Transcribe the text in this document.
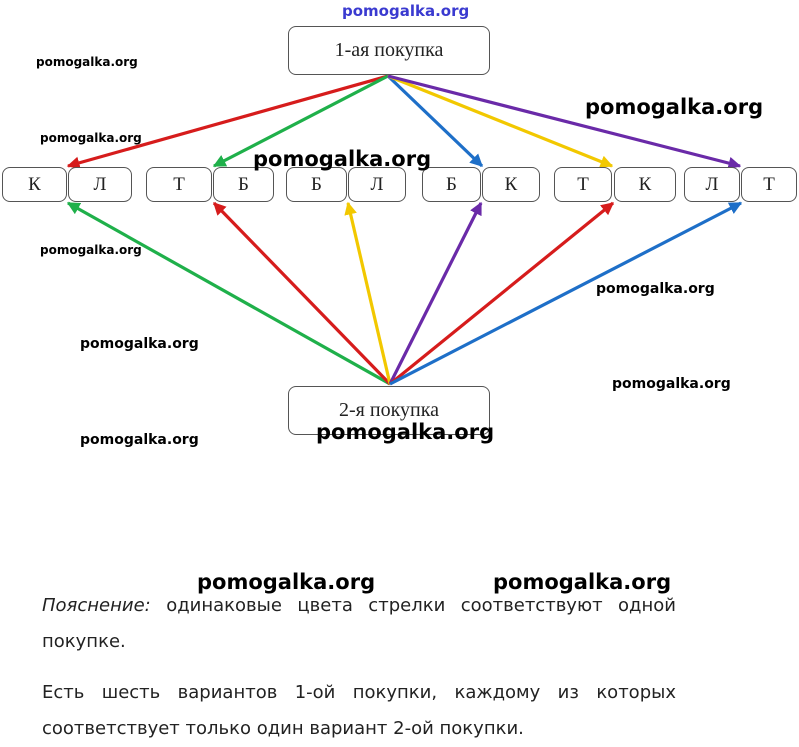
1-ая покупка
2-я покупка
К	Л	Т	Б	Б	Л	Б	К	Т	К	Л Т
pomogalka.org
pomogalka.org
pomogalka.org
pomogalka.org
pomogalka.org
pomogalka.org
pomogalka.org
pomogalka.org
pomogalka.org
pomogalka.org
pomogalka.org
pomogalka.org	pomogalka.org

Пояснение: одинаковые цвета стрелки соответствуют одной
покупке.

Есть шесть вариантов 1-ой покупки, каждому из которых
соответствует только один вариант 2-ой покупки.
